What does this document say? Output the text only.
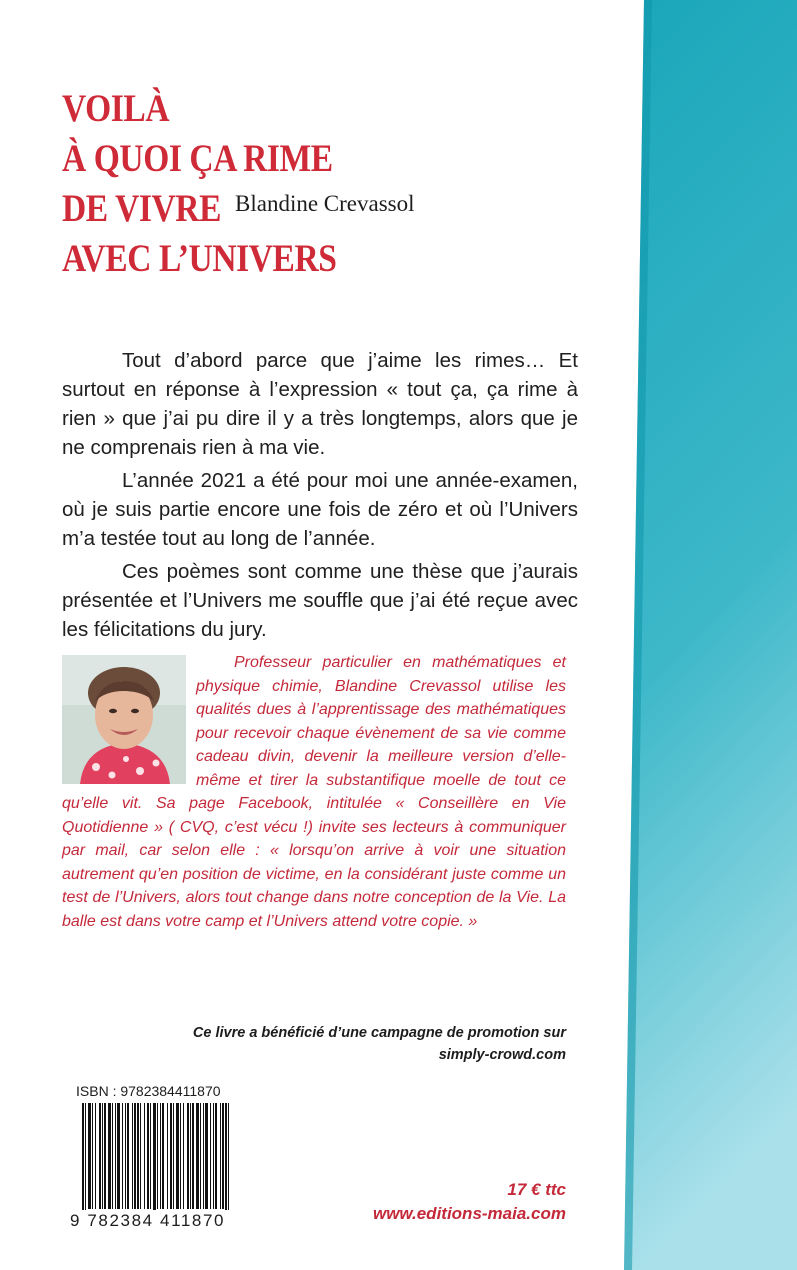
VOILÀ
À QUOI ÇA RIME
DE VIVRE
AVEC L’UNIVERS
Blandine Crevassol

Tout d’abord parce que j’aime les rimes… Et surtout en réponse à l’expression « tout ça, ça rime à rien » que j’ai pu dire il y a très longtemps, alors que je ne comprenais rien à ma vie.

L’année 2021 a été pour moi une année-examen, où je suis partie encore une fois de zéro et où l’Univers m’a testée tout au long de l’année.

Ces poèmes sont comme une thèse que j’aurais présentée et l’Univers me souffle que j’ai été reçue avec les félicitations du jury.

Professeur particulier en mathématiques et physique chimie, Blandine Crevassol utilise les qualités dues à l’apprentissage des mathématiques pour recevoir chaque évènement de sa vie comme cadeau divin, devenir la meilleure version d’elle-même et tirer la substantifique moelle de tout ce qu’elle vit. Sa page Facebook, intitulée « Conseillère en Vie Quotidienne » ( CVQ, c’est vécu !) invite ses lecteurs à communiquer par mail, car selon elle : « lorsqu’on arrive à voir une situation autrement qu’en position de victime, en la considérant juste comme un test de l’Univers, alors tout change dans notre conception de la Vie. La balle est dans votre camp et l’Univers attend votre copie. »
Ce livre a bénéficié d’une campagne de promotion sur
simply-crowd.com
ISBN : 9782384411870
9 782384 411870
17 € ttc
www.editions-maia.com
